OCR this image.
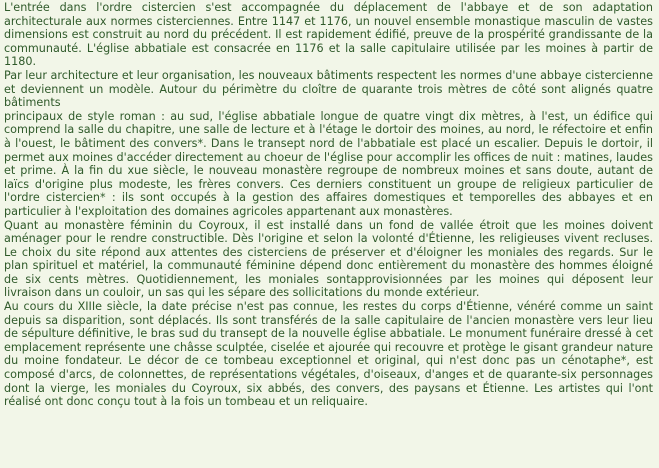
L'entrée dans l'ordre cistercien s'est accompagnée du déplacement de l'abbaye et de son adaptation architecturale aux normes cisterciennes. Entre 1147 et 1176, un nouvel ensemble monastique masculin de vastes dimensions est construit au nord du précédent. Il est rapidement édifié, preuve de la prospérité grandissante de la communauté. L'église abbatiale est consacrée en 1176 et la salle capitulaire utilisée par les moines à partir de 1180.

Par leur architecture et leur organisation, les nouveaux bâtiments respectent les normes d'une abbaye cistercienne et deviennent un modèle. Autour du périmètre du cloître de quarante trois mètres de côté sont alignés quatre bâtiments

principaux de style roman : au sud, l'église abbatiale longue de quatre vingt dix mètres, à l'est, un édifice qui comprend la salle du chapitre, une salle de lecture et à l'étage le dortoir des moines, au nord, le réfectoire et enfin à l'ouest, le bâtiment des convers*. Dans le transept nord de l'abbatiale est placé un escalier. Depuis le dortoir, il permet aux moines d'accéder directement au choeur de l'église pour accomplir les offices de nuit : matines, laudes et prime. À la fin du xue siècle, le nouveau monastère regroupe de nombreux moines et sans doute, autant de laïcs d'origine plus modeste, les frères convers. Ces derniers constituent un groupe de religieux particulier de l'ordre cistercien* : ils sont occupés à la gestion des affaires domestiques et temporelles des abbayes et en particulier à l'exploitation des domaines agricoles appartenant aux monastères.

Quant au monastère féminin du Coyroux, il est installé dans un fond de vallée étroit que les moines doivent aménager pour le rendre constructible. Dès l'origine et selon la volonté d'Étienne, les religieuses vivent recluses. Le choix du site répond aux attentes des cisterciens de préserver et d'éloigner les moniales des regards. Sur le plan spirituel et matériel, la communauté féminine dépend donc entièrement du monastère des hommes éloigné de six cents mètres. Quotidiennement, les moniales sontapprovisionnées par les moines qui déposent leur livraison dans un couloir, un sas qui les sépare des sollicitations du monde extérieur.

Au cours du XIIIe siècle, la date précise n'est pas connue, les restes du corps d'Étienne, vénéré comme un saint depuis sa disparition, sont déplacés. Ils sont transférés de la salle capitulaire de l'ancien monastère vers leur lieu de sépulture définitive, le bras sud du transept de la nouvelle église abbatiale. Le monument funéraire dressé à cet emplacement représente une châsse sculptée, ciselée et ajourée qui recouvre et protège le gisant grandeur nature du moine fondateur. Le décor de ce tombeau exceptionnel et original, qui n'est donc pas un cénotaphe*, est composé d'arcs, de colonnettes, de représentations végétales, d'oiseaux, d'anges et de quarante-six personnages dont la vierge, les moniales du Coyroux, six abbés, des convers, des paysans et Étienne. Les artistes qui l'ont réalisé ont donc conçu tout à la fois un tombeau et un reliquaire.
